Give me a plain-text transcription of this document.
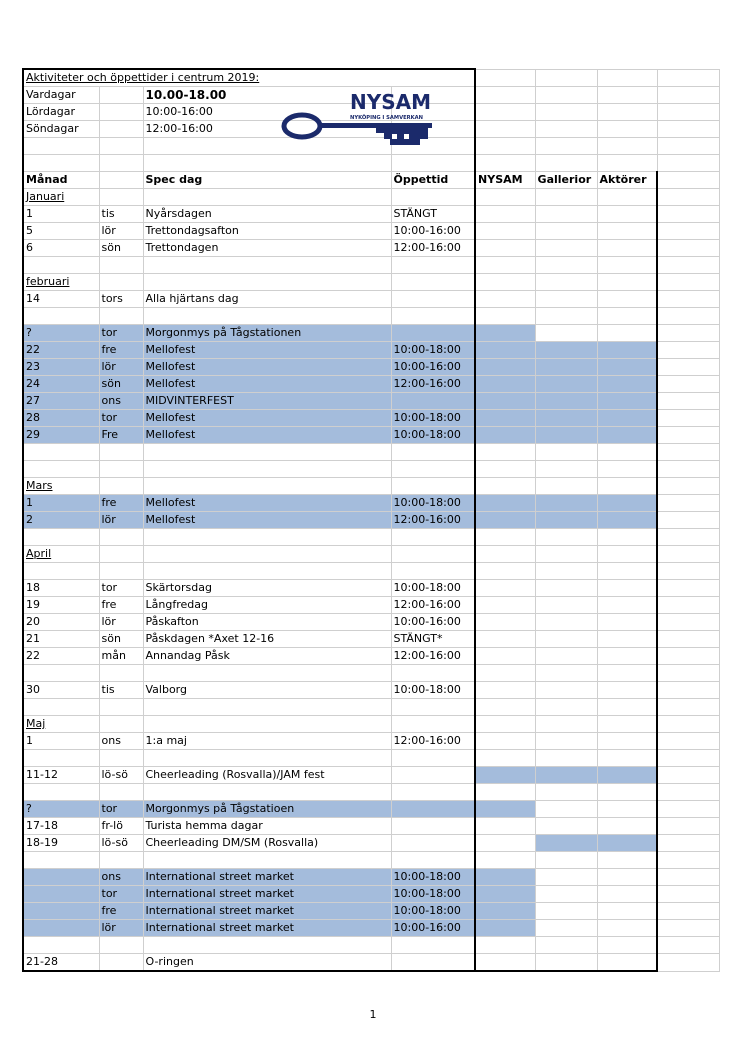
Aktiviteter och öppettider i centrum 2019:							
Vardagar		10.00-18.00					
Lördagar		10:00-16:00					
Söndagar		12:00-16:00					

Månad		Spec dag	Öppettid	NYSAM	Gallerior	Aktörer	
Januari							
1	tis	Nyårsdagen	STÄNGT				
5	lör	Trettondagsafton	10:00-16:00				
6	sön	Trettondagen	12:00-16:00				

februari							
14	tors	Alla hjärtans dag					

?	tor	Morgonmys på Tågstationen					
22	fre	Mellofest	10:00-18:00				
23	lör	Mellofest	10:00-16:00				
24	sön	Mellofest	12:00-16:00				
27	ons	MIDVINTERFEST					
28	tor	Mellofest	10:00-18:00				
29	Fre	Mellofest	10:00-18:00				

Mars							
1	fre	Mellofest	10:00-18:00				
2	lör	Mellofest	12:00-16:00				

April							

18	tor	Skärtorsdag	10:00-18:00				
19	fre	Långfredag	12:00-16:00				
20	lör	Påskafton	10:00-16:00				
21	sön	Påskdagen *Axet 12-16	STÄNGT*				
22	mån	Annandag Påsk	12:00-16:00				

30	tis	Valborg	10:00-18:00				

Maj							
1	ons	1:a maj	12:00-16:00				

11-12	lö-sö	Cheerleading (Rosvalla)/JAM fest					

?	tor	Morgonmys på Tågstatioen					
17-18	fr-lö	Turista hemma dagar					
18-19	lö-sö	Cheerleading DM/SM (Rosvalla)					

	ons	International street market	10:00-18:00				
	tor	International street market	10:00-18:00				
	fre	International street market	10:00-18:00				
	lör	International street market	10:00-16:00				

21-28		O-ringen					
NYSAM
NYKÖPING I SAMVERKAN
1
